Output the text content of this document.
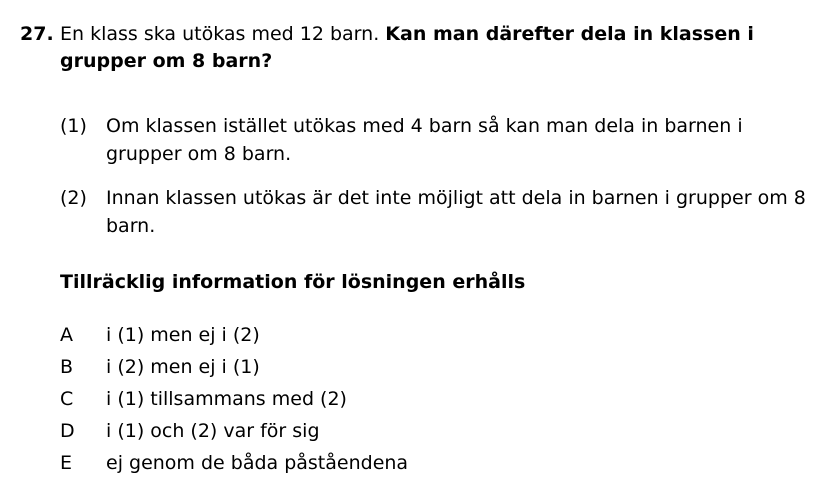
27. En klass ska utökas med 12 barn. Kan man därefter dela in klassen i grupper om 8 barn?
(1) Om klassen istället utökas med 4 barn så kan man dela in barnen i grupper om 8 barn.
(2) Innan klassen utökas är det inte möjligt att dela in barnen i grupper om 8 barn.
Tillräcklig information för lösningen erhålls
A	i (1) men ej i (2)
B	i (2) men ej i (1)
C	i (1) tillsammans med (2)
D	i (1) och (2) var för sig
E	ej genom de båda påståendena
